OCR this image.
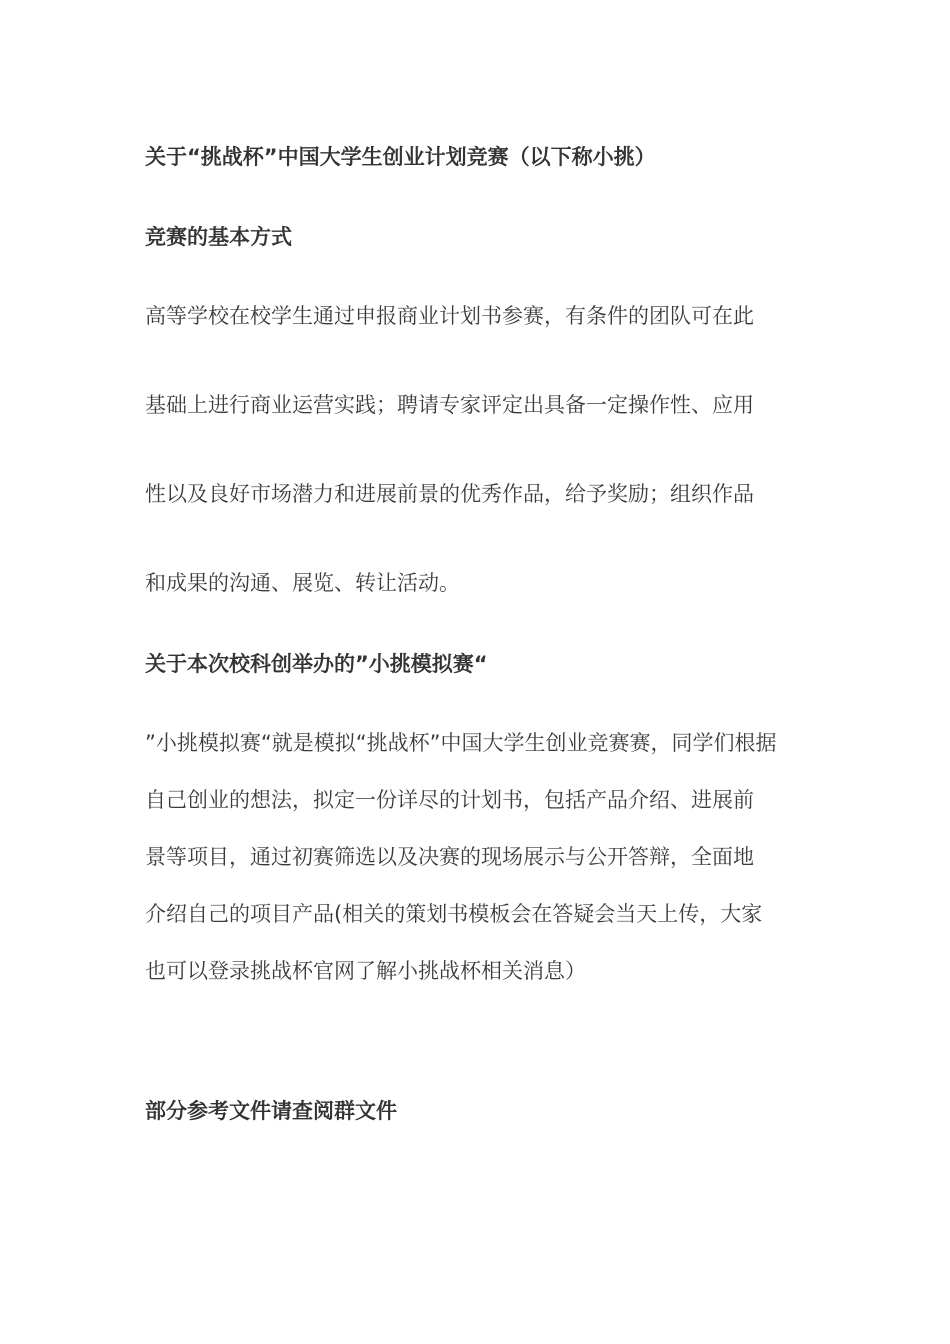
关于“挑战杯”中国大学生创业计划竞赛（以下称小挑）

竞赛的基本方式

高等学校在校学生通过申报商业计划书参赛，有条件的团队可在此

基础上进行商业运营实践；聘请专家评定出具备一定操作性、应用

性以及良好市场潜力和进展前景的优秀作品，给予奖励；组织作品

和成果的沟通、展览、转让活动。

关于本次校科创举办的”小挑模拟赛“

”小挑模拟赛“就是模拟“挑战杯”中国大学生创业竞赛赛，同学们根据

自己创业的想法，拟定一份详尽的计划书，包括产品介绍、进展前

景等项目，通过初赛筛选以及决赛的现场展示与公开答辩，全面地

介绍自己的项目产品(相关的策划书模板会在答疑会当天上传，大家

也可以登录挑战杯官网了解小挑战杯相关消息）

部分参考文件请查阅群文件
